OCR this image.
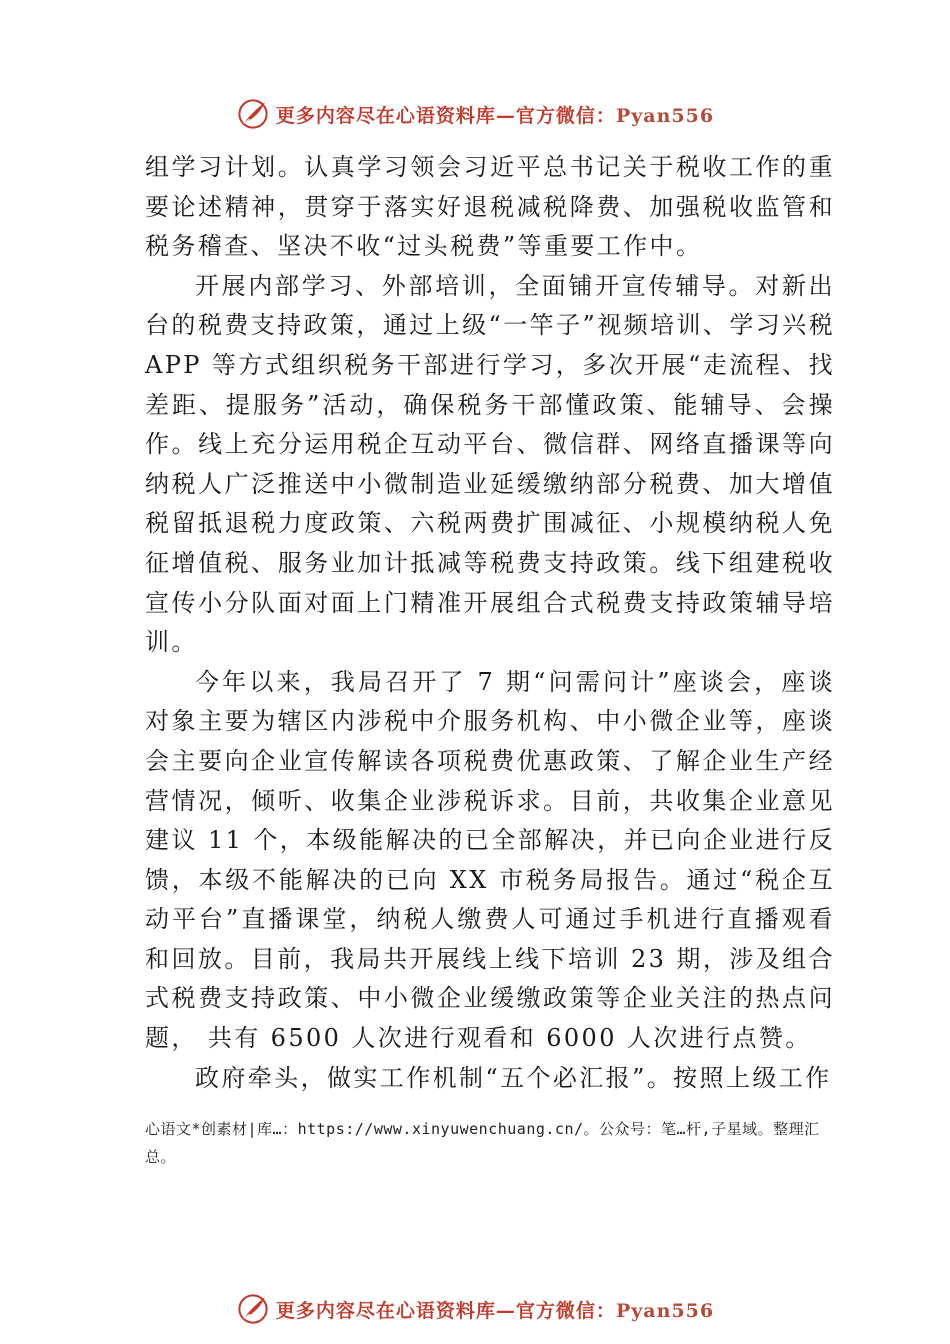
更多内容尽在心语资料库—官方微信：Pyan556

组学习计划。认真学习领会习近平总书记关于税收工作的重要论述精神，贯穿于落实好退税减税降费、加强税收监管和税务稽查、坚决不收“过头税费”等重要工作中。

开展内部学习、外部培训，全面铺开宣传辅导。对新出台的税费支持政策，通过上级“一竿子”视频培训、学习兴税 APP 等方式组织税务干部进行学习，多次开展“走流程、找差距、提服务”活动，确保税务干部懂政策、能辅导、会操作。线上充分运用税企互动平台、微信群、网络直播课等向纳税人广泛推送中小微制造业延缓缴纳部分税费、加大增值税留抵退税力度政策、六税两费扩围减征、小规模纳税人免征增值税、服务业加计抵减等税费支持政策。线下组建税收宣传小分队面对面上门精准开展组合式税费支持政策辅导培训。

今年以来，我局召开了 7 期“问需问计”座谈会，座谈对象主要为辖区内涉税中介服务机构、中小微企业等，座谈会主要向企业宣传解读各项税费优惠政策、了解企业生产经营情况，倾听、收集企业涉税诉求。目前，共收集企业意见建议 11 个，本级能解决的已全部解决，并已向企业进行反馈，本级不能解决的已向 XX 市税务局报告。通过“税企互动平台”直播课堂，纳税人缴费人可通过手机进行直播观看和回放。目前，我局共开展线上线下培训 23 期，涉及组合式税费支持政策、中小微企业缓缴政策等企业关注的热点问题， 共有 6500 人次进行观看和 6000 人次进行点赞。

政府牵头，做实工作机制“五个必汇报”。按照上级工作

心语文*创素材|库…：https://www.xinyuwenchuang.cn/。公众号：笔…杆,子星域。整理汇总。
更多内容尽在心语资料库—官方微信：Pyan556
